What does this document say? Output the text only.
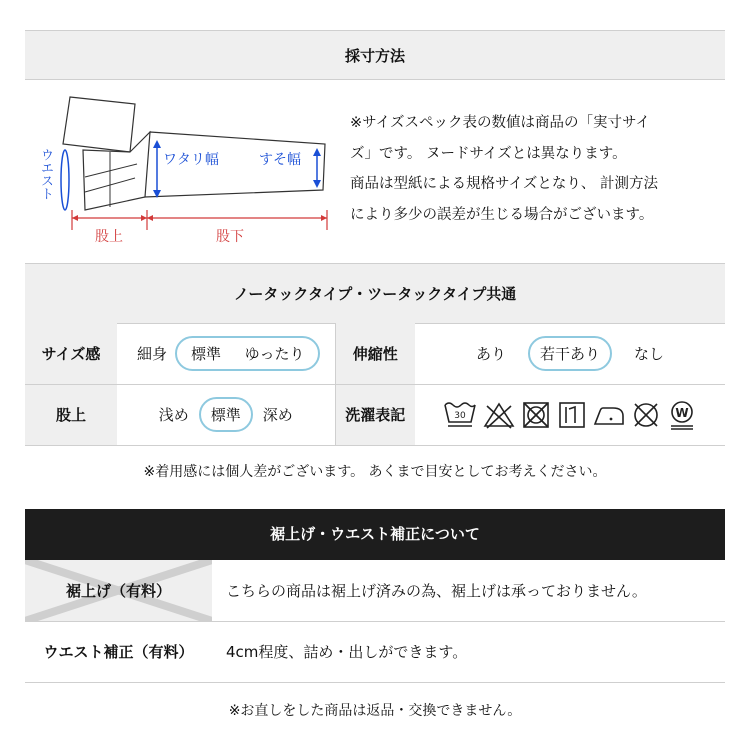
採寸方法
ウエスト	ワタリ幅	すそ幅
股上	股下
※サイズスペック表の数値は商品の「実寸サイ
ズ」です。 ヌードサイズとは異なります。
商品は型紙による規格サイズとなり、 計測方法
により多少の誤差が生じる場合がございます。
ノータックタイプ・ツータックタイプ共通
サイズ感	細身 標準 ゆったり	伸縮性	あり 若干あり なし

股上	浅め 標準 深め	洗濯表記	30 W
※着用感には個人差がございます。 あくまで目安としてお考えください。
裾上げ・ウエスト補正について
裾上げ（有料）	こちらの商品は裾上げ済みの為、裾上げは承っておりません。
ウエスト補正（有料）	4cm程度、詰め・出しができます。
※お直しをした商品は返品・交換できません。
